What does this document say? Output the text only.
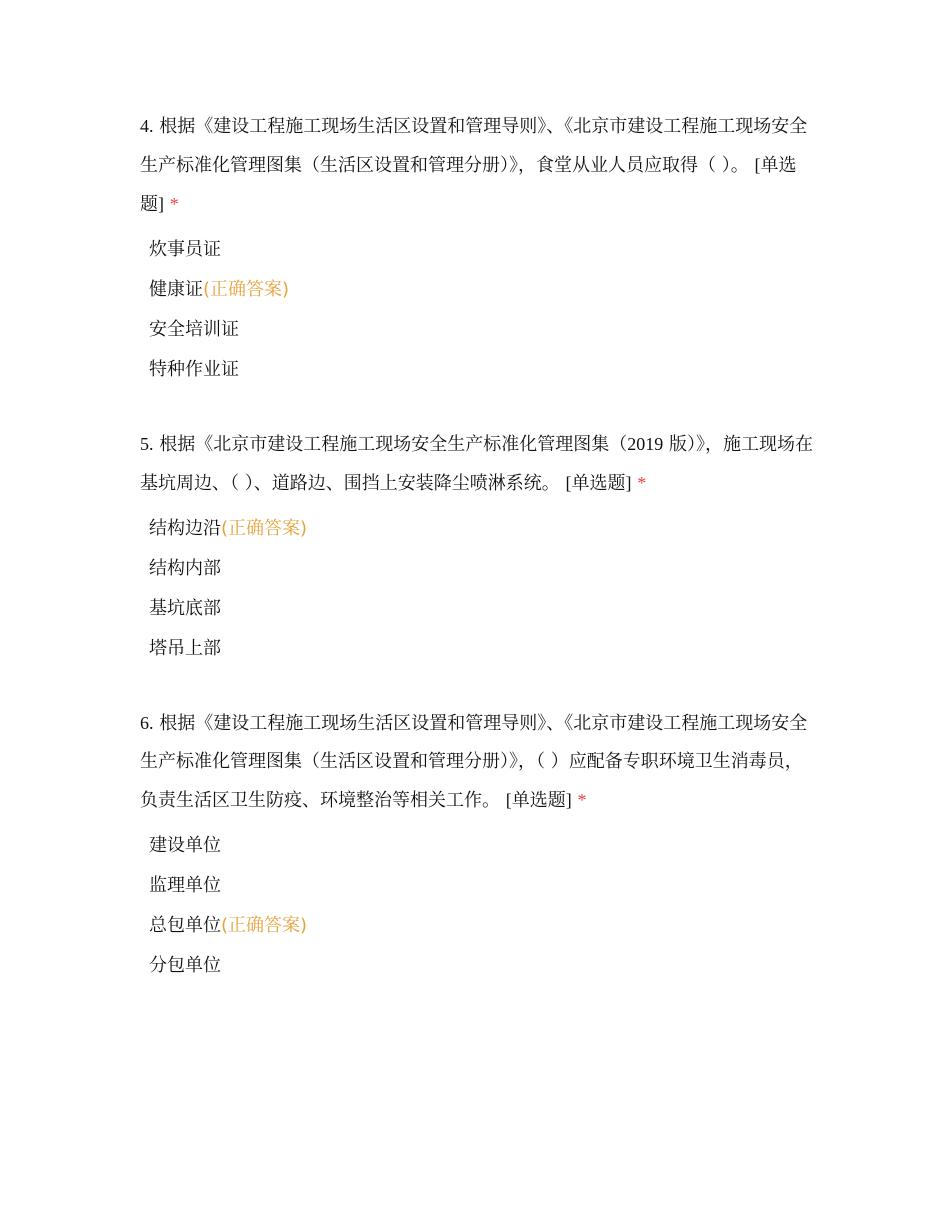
4. 根据《建设工程施工现场生活区设置和管理导则》、《北京市建设工程施工现场安全生产标准化管理图集（生活区设置和管理分册）》，食堂从业人员应取得（ ）。 [单选题] *

炊事员证
健康证(正确答案)
安全培训证
特种作业证

5. 根据《北京市建设工程施工现场安全生产标准化管理图集（2019 版）》，施工现场在基坑周边、（ ）、道路边、围挡上安装降尘喷淋系统。 [单选题] *

结构边沿(正确答案)
结构内部
基坑底部
塔吊上部

6. 根据《建设工程施工现场生活区设置和管理导则》、《北京市建设工程施工现场安全生产标准化管理图集（生活区设置和管理分册）》，（ ）应配备专职环境卫生消毒员，负责生活区卫生防疫、环境整治等相关工作。 [单选题] *

建设单位
监理单位
总包单位(正确答案)
分包单位
